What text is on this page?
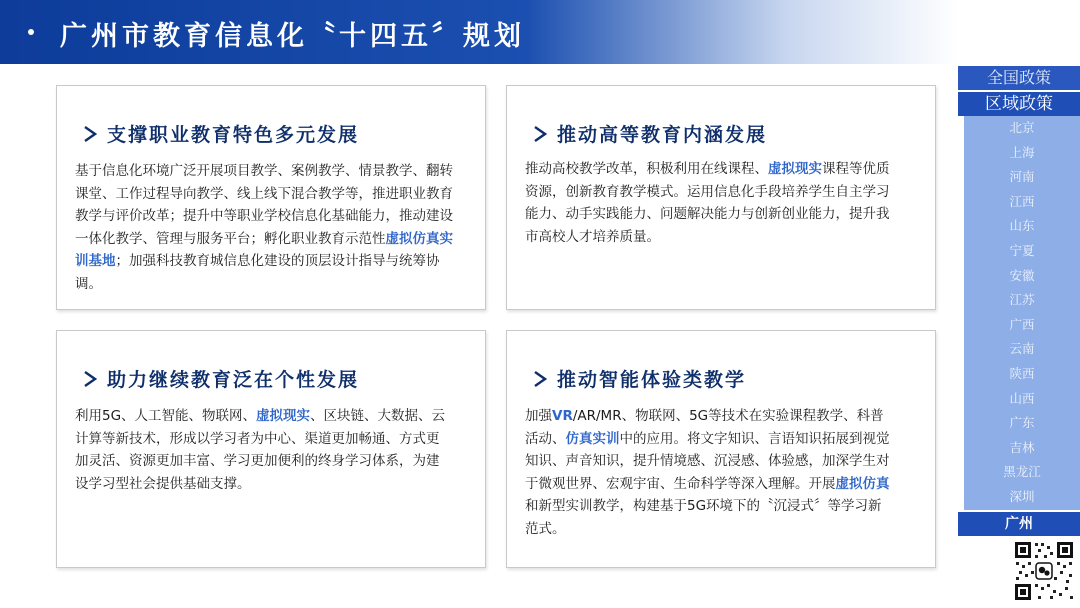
广州市教育信息化〝十四五〞规划
支撑职业教育特色多元发展
基于信息化环境广泛开展项目教学、案例教学、情景教学、翻转课堂、工作过程导向教学、线上线下混合教学等，推进职业教育教学与评价改革；提升中等职业学校信息化基础能力，推动建设一体化教学、管理与服务平台；孵化职业教育示范性虚拟仿真实训基地；加强科技教育城信息化建设的顶层设计指导与统筹协调。
推动高等教育内涵发展
推动高校教学改革，积极利用在线课程、虚拟现实课程等优质资源，创新教育教学模式。运用信息化手段培养学生自主学习能力、动手实践能力、问题解决能力与创新创业能力，提升我市高校人才培养质量。
助力继续教育泛在个性发展
利用5G、人工智能、物联网、虚拟现实、区块链、大数据、云计算等新技术，形成以学习者为中心、渠道更加畅通、方式更加灵活、资源更加丰富、学习更加便利的终身学习体系，为建设学习型社会提供基础支撑。
推动智能体验类教学
加强VR/AR/MR、物联网、5G等技术在实验课程教学、科普活动、仿真实训中的应用。将文字知识、言语知识拓展到视觉知识、声音知识，提升情境感、沉浸感、体验感，加深学生对于微观世界、宏观宇宙、生命科学等深入理解。开展虚拟仿真和新型实训教学，构建基于5G环境下的〝沉浸式〞等学习新范式。
全国政策
区域政策
北京
上海
河南
江西
山东
宁夏
安徽
江苏
广西
云南
陕西
山西
广东
吉林
黑龙江
深圳
广州
